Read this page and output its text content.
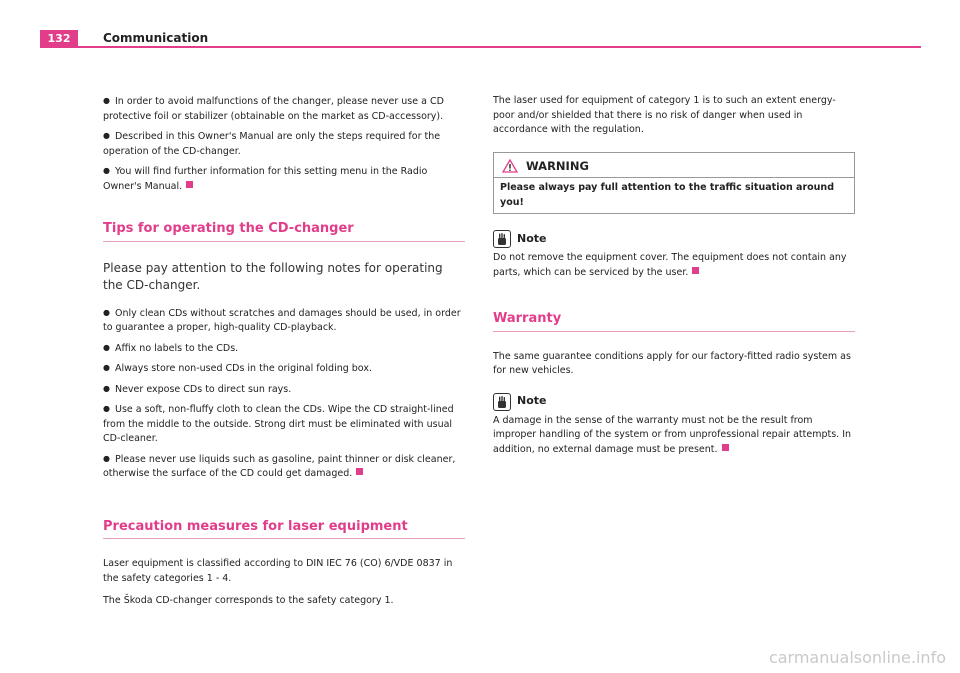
132	Communication
● In order to avoid malfunctions of the changer, please never use a CD protective foil or stabilizer (obtainable on the market as CD-accessory).
● Described in this Owner's Manual are only the steps required for the operation of the CD-changer.
● You will find further information for this setting menu in the Radio Owner's Manual.
Tips for operating the CD-changer
Please pay attention to the following notes for operating the CD-changer.
● Only clean CDs without scratches and damages should be used, in order to guarantee a proper, high-quality CD-playback.
● Affix no labels to the CDs.
● Always store non-used CDs in the original folding box.
● Never expose CDs to direct sun rays.
● Use a soft, non-fluffy cloth to clean the CDs. Wipe the CD straight-lined from the middle to the outside. Strong dirt must be eliminated with usual CD-cleaner.
● Please never use liquids such as gasoline, paint thinner or disk cleaner, otherwise the surface of the CD could get damaged.
Precaution measures for laser equipment

Laser equipment is classified according to DIN IEC 76 (CO) 6/VDE 0837 in the safety categories 1 - 4.

The Škoda CD-changer corresponds to the safety category 1.

The laser used for equipment of category 1 is to such an extent energy-poor and/or shielded that there is no risk of danger when used in accordance with the regulation.

WARNING
Please always pay full attention to the traffic situation around you!
Note

Do not remove the equipment cover. The equipment does not contain any parts, which can be serviced by the user.

Warranty

The same guarantee conditions apply for our factory-fitted radio system as for new vehicles.

Note

A damage in the sense of the warranty must not be the result from improper handling of the system or from unprofessional repair attempts. In addition, no external damage must be present.

carmanualsonline.info
